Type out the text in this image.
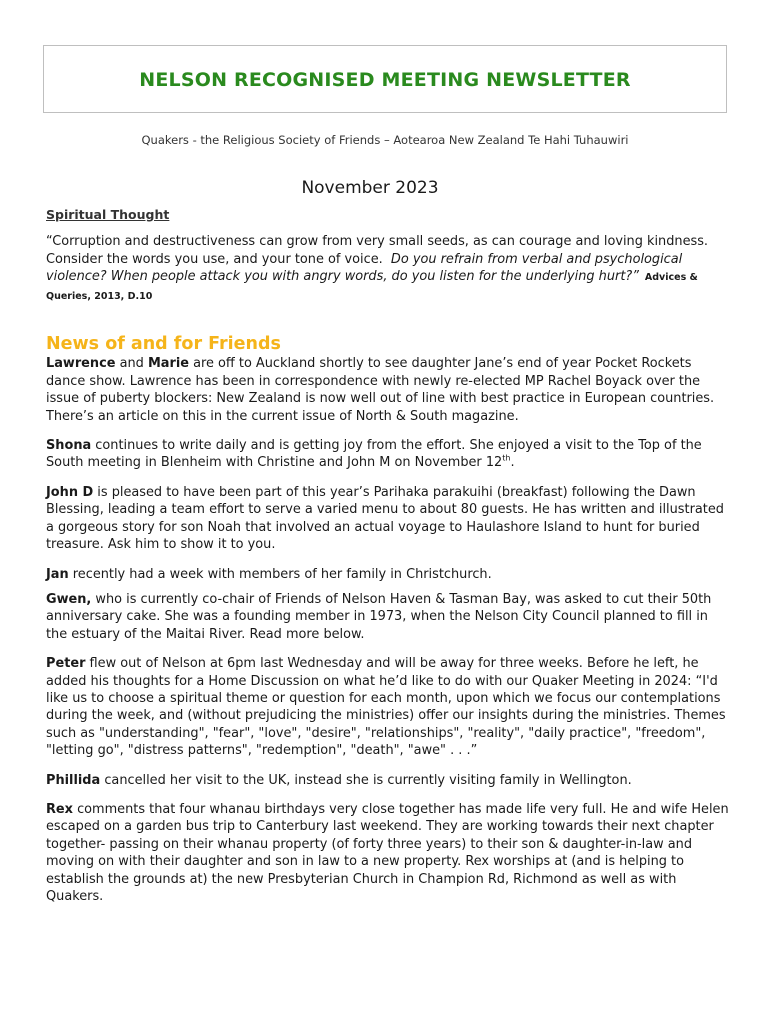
NELSON RECOGNISED MEETING NEWSLETTER
Quakers - the Religious Society of Friends – Aotearoa New Zealand Te Hahi Tuhauwiri
November 2023

Spiritual Thought

“Corruption and destructiveness can grow from very small seeds, as can courage and loving kindness. Consider the words you use, and your tone of voice. Do you refrain from verbal and psychological violence? When people attack you with angry words, do you listen for the underlying hurt?” Advices & Queries, 2013, D.10

News of and for Friends

Lawrence and Marie are off to Auckland shortly to see daughter Jane’s end of year Pocket Rockets dance show. Lawrence has been in correspondence with newly re-elected MP Rachel Boyack over the issue of puberty blockers: New Zealand is now well out of line with best practice in European countries. There’s an article on this in the current issue of North & South magazine.

Shona continues to write daily and is getting joy from the effort. She enjoyed a visit to the Top of the South meeting in Blenheim with Christine and John M on November 12th.

John D is pleased to have been part of this year’s Parihaka parakuihi (breakfast) following the Dawn Blessing, leading a team effort to serve a varied menu to about 80 guests. He has written and illustrated a gorgeous story for son Noah that involved an actual voyage to Haulashore Island to hunt for buried treasure. Ask him to show it to you.

Jan recently had a week with members of her family in Christchurch.

Gwen, who is currently co-chair of Friends of Nelson Haven & Tasman Bay, was asked to cut their 50th anniversary cake. She was a founding member in 1973, when the Nelson City Council planned to fill in the estuary of the Maitai River. Read more below.

Peter flew out of Nelson at 6pm last Wednesday and will be away for three weeks. Before he left, he added his thoughts for a Home Discussion on what he’d like to do with our Quaker Meeting in 2024: “I'd like us to choose a spiritual theme or question for each month, upon which we focus our contemplations during the week, and (without prejudicing the ministries) offer our insights during the ministries. Themes such as "understanding", "fear", "love", "desire", "relationships", "reality", "daily practice", "freedom", "letting go", "distress patterns", "redemption", "death", "awe" . . .”

Phillida cancelled her visit to the UK, instead she is currently visiting family in Wellington.

Rex comments that four whanau birthdays very close together has made life very full. He and wife Helen escaped on a garden bus trip to Canterbury last weekend. They are working towards their next chapter together- passing on their whanau property (of forty three years) to their son & daughter-in-law and moving on with their daughter and son in law to a new property. Rex worships at (and is helping to establish the grounds at) the new Presbyterian Church in Champion Rd, Richmond as well as with Quakers.
